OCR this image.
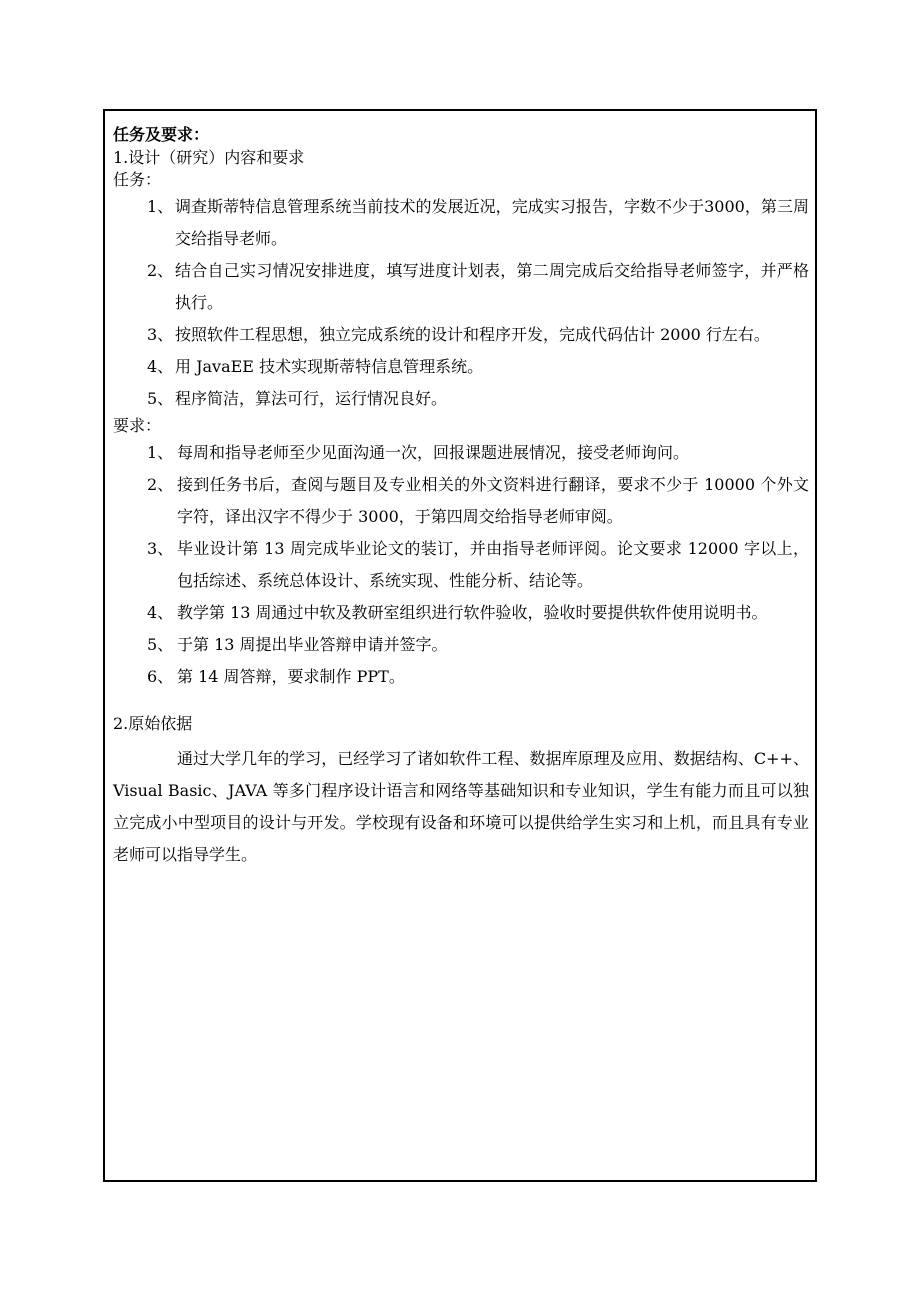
任务及要求：

1.设计（研究）内容和要求

任务：

1、 调查斯蒂特信息管理系统当前技术的发展近况，完成实习报告，字数不少于3000，第三周交给指导老师。
2、 结合自己实习情况安排进度，填写进度计划表，第二周完成后交给指导老师签字，并严格执行。
3、 按照软件工程思想，独立完成系统的设计和程序开发，完成代码估计 2000 行左右。
4、 用 JavaEE 技术实现斯蒂特信息管理系统。
5、 程序简洁，算法可行，运行情况良好。

要求：

1、 每周和指导老师至少见面沟通一次，回报课题进展情况，接受老师询问。
2、 接到任务书后，查阅与题目及专业相关的外文资料进行翻译，要求不少于 10000 个外文字符，译出汉字不得少于 3000，于第四周交给指导老师审阅。
3、 毕业设计第 13 周完成毕业论文的装订，并由指导老师评阅。论文要求 12000 字以上，包括综述、系统总体设计、系统实现、性能分析、结论等。
4、 教学第 13 周通过中软及教研室组织进行软件验收，验收时要提供软件使用说明书。
5、 于第 13 周提出毕业答辩申请并签字。
6、 第 14 周答辩，要求制作 PPT。

2.原始依据

通过大学几年的学习，已经学习了诸如软件工程、数据库原理及应用、数据结构、C++、Visual Basic、JAVA 等多门程序设计语言和网络等基础知识和专业知识，学生有能力而且可以独立完成小中型项目的设计与开发。学校现有设备和环境可以提供给学生实习和上机，而且具有专业老师可以指导学生。
